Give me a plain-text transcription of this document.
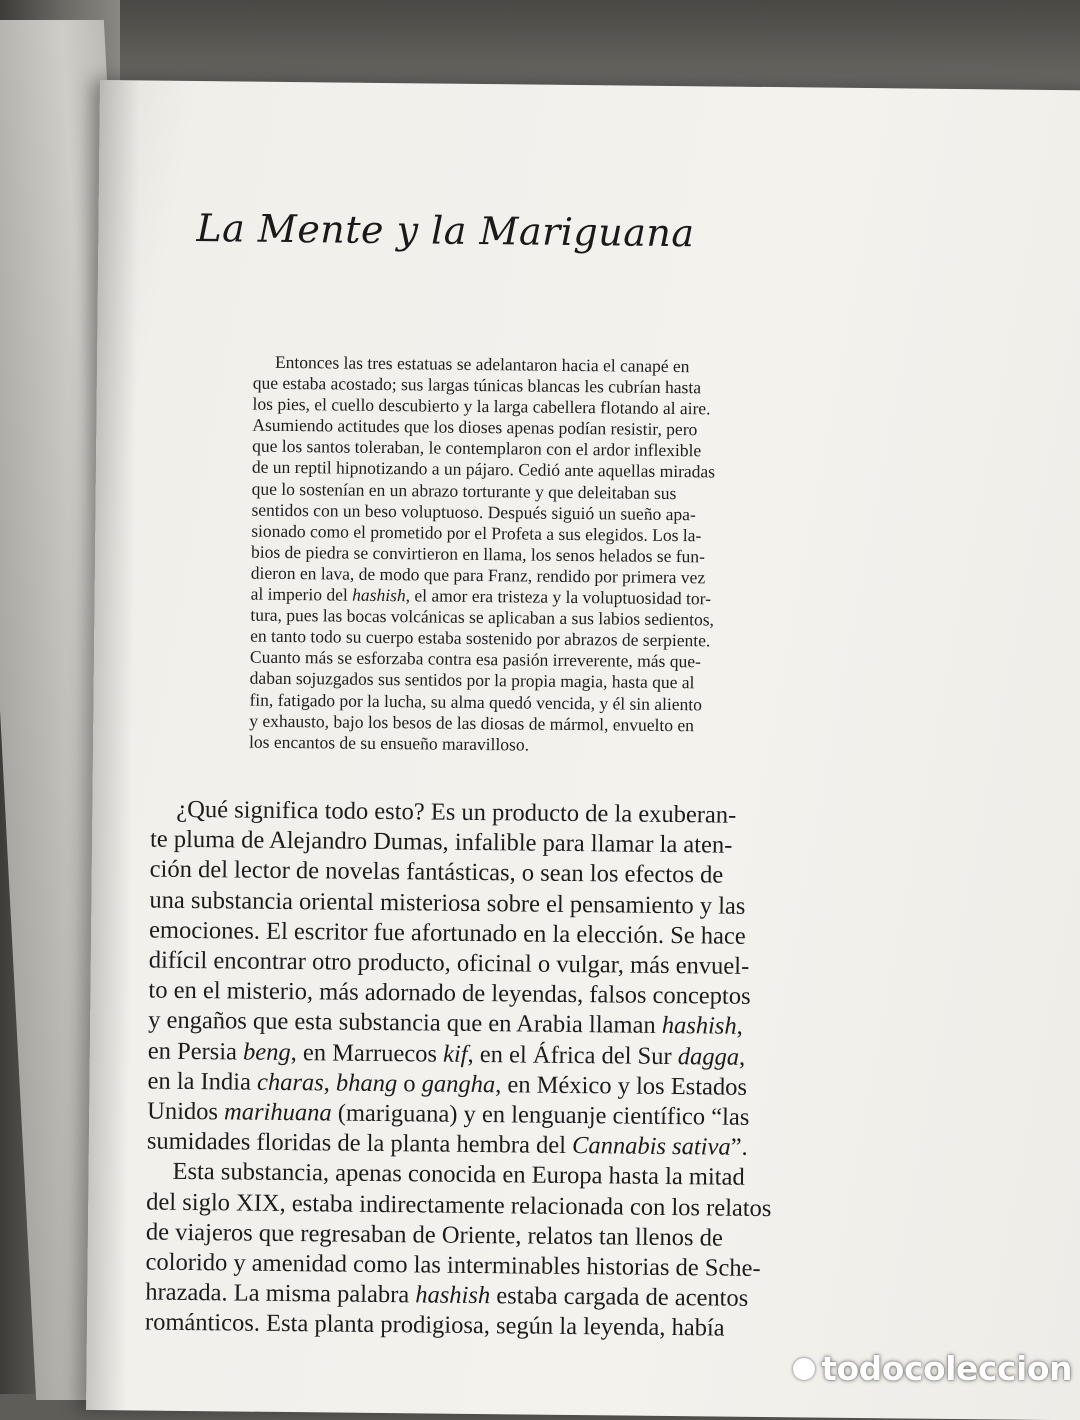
La Mente y la Mariguana
Entonces las tres estatuas se adelantaron hacia el canapé en
que estaba acostado; sus largas túnicas blancas les cubrían hasta
los pies, el cuello descubierto y la larga cabellera flotando al aire.
Asumiendo actitudes que los dioses apenas podían resistir, pero
que los santos toleraban, le contemplaron con el ardor inflexible
de un reptil hipnotizando a un pájaro. Cedió ante aquellas miradas
que lo sostenían en un abrazo torturante y que deleitaban sus
sentidos con un beso voluptuoso. Después siguió un sueño apa-
sionado como el prometido por el Profeta a sus elegidos. Los la-
bios de piedra se convirtieron en llama, los senos helados se fun-
dieron en lava, de modo que para Franz, rendido por primera vez
al imperio del hashish, el amor era tristeza y la voluptuosidad tor-
tura, pues las bocas volcánicas se aplicaban a sus labios sedientos,
en tanto todo su cuerpo estaba sostenido por abrazos de serpiente.
Cuanto más se esforzaba contra esa pasión irreverente, más que-
daban sojuzgados sus sentidos por la propia magia, hasta que al
fin, fatigado por la lucha, su alma quedó vencida, y él sin aliento
y exhausto, bajo los besos de las diosas de mármol, envuelto en
los encantos de su ensueño maravilloso.
¿Qué significa todo esto? Es un producto de la exuberan-
te pluma de Alejandro Dumas, infalible para llamar la aten-
ción del lector de novelas fantásticas, o sean los efectos de
una substancia oriental misteriosa sobre el pensamiento y las
emociones. El escritor fue afortunado en la elección. Se hace
difícil encontrar otro producto, oficinal o vulgar, más envuel-
to en el misterio, más adornado de leyendas, falsos conceptos
y engaños que esta substancia que en Arabia llaman hashish,
en Persia beng, en Marruecos kif, en el África del Sur dagga,
en la India charas, bhang o gangha, en México y los Estados
Unidos marihuana (mariguana) y en lenguanje científico “las
sumidades floridas de la planta hembra del Cannabis sativa”.
Esta substancia, apenas conocida en Europa hasta la mitad
del siglo XIX, estaba indirectamente relacionada con los relatos
de viajeros que regresaban de Oriente, relatos tan llenos de
colorido y amenidad como las interminables historias de Sche-
hrazada. La misma palabra hashish estaba cargada de acentos
románticos. Esta planta prodigiosa, según la leyenda, había
todocoleccion
